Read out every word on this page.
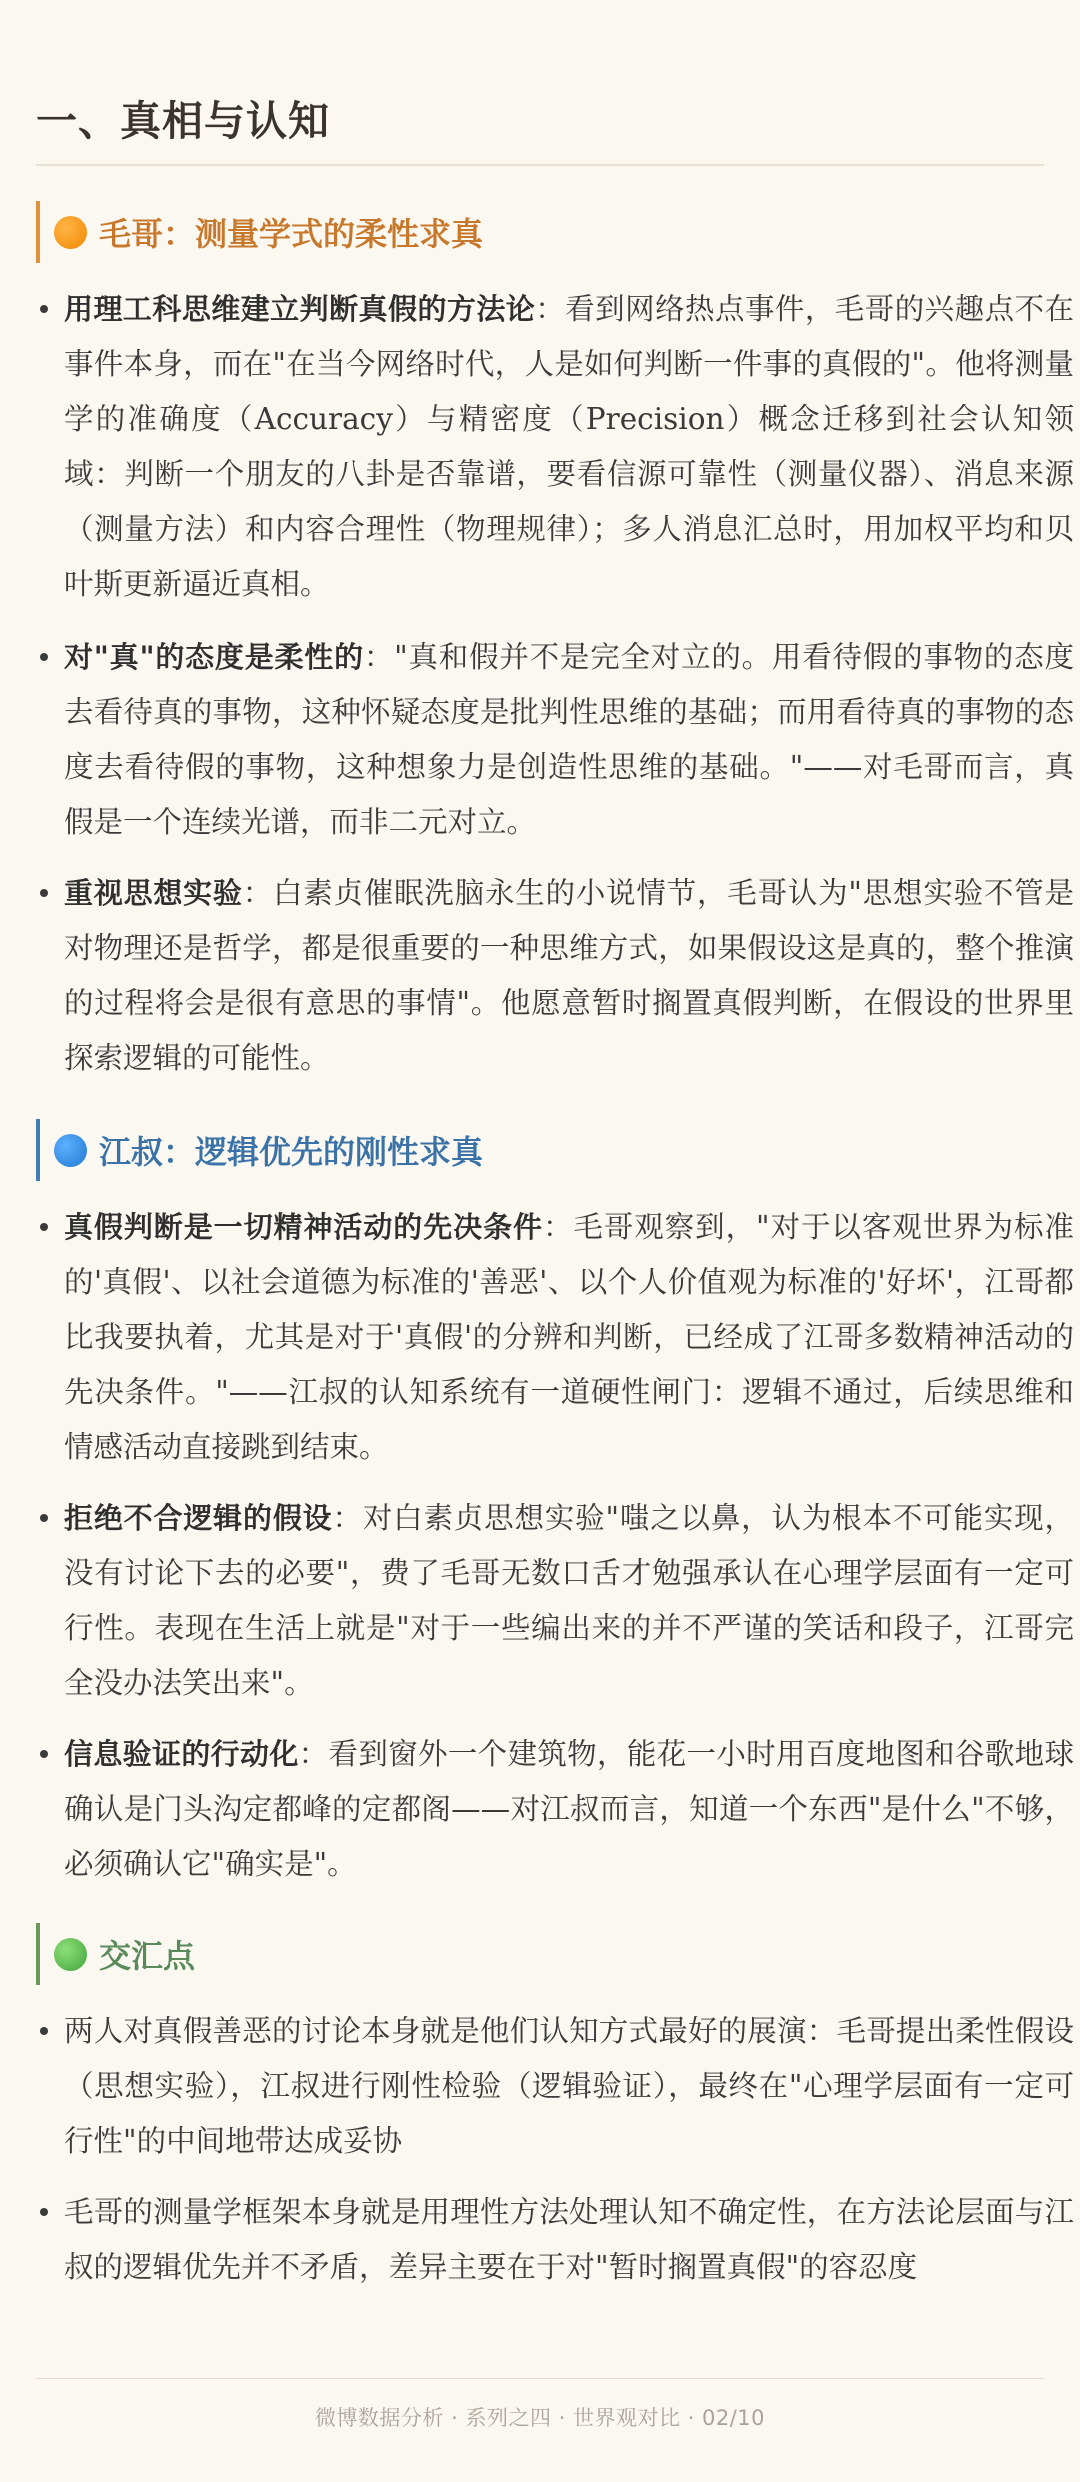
一、真相与认知
毛哥：测量学式的柔性求真
用理工科思维建立判断真假的方法论：看到网络热点事件，毛哥的兴趣点不在事件本身，而在"在当今网络时代，人是如何判断一件事的真假的"。他将测量学的准确度（Accuracy）与精密度（Precision）概念迁移到社会认知领域：判断一个朋友的八卦是否靠谱，要看信源可靠性（测量仪器）、消息来源（测量方法）和内容合理性（物理规律）；多人消息汇总时，用加权平均和贝叶斯更新逼近真相。
对"真"的态度是柔性的："真和假并不是完全对立的。用看待假的事物的态度去看待真的事物，这种怀疑态度是批判性思维的基础；而用看待真的事物的态度去看待假的事物，这种想象力是创造性思维的基础。"——对毛哥而言，真假是一个连续光谱，而非二元对立。
重视思想实验：白素贞催眠洗脑永生的小说情节，毛哥认为"思想实验不管是对物理还是哲学，都是很重要的一种思维方式，如果假设这是真的，整个推演的过程将会是很有意思的事情"。他愿意暂时搁置真假判断，在假设的世界里探索逻辑的可能性。
江叔：逻辑优先的刚性求真
真假判断是一切精神活动的先决条件：毛哥观察到，"对于以客观世界为标准的'真假'、以社会道德为标准的'善恶'、以个人价值观为标准的'好坏'，江哥都比我要执着，尤其是对于'真假'的分辨和判断，已经成了江哥多数精神活动的先决条件。"——江叔的认知系统有一道硬性闸门：逻辑不通过，后续思维和情感活动直接跳到结束。
拒绝不合逻辑的假设：对白素贞思想实验"嗤之以鼻，认为根本不可能实现，没有讨论下去的必要"，费了毛哥无数口舌才勉强承认在心理学层面有一定可行性。表现在生活上就是"对于一些编出来的并不严谨的笑话和段子，江哥完全没办法笑出来"。
信息验证的行动化：看到窗外一个建筑物，能花一小时用百度地图和谷歌地球确认是门头沟定都峰的定都阁——对江叔而言，知道一个东西"是什么"不够，必须确认它"确实是"。
交汇点
两人对真假善恶的讨论本身就是他们认知方式最好的展演：毛哥提出柔性假设（思想实验），江叔进行刚性检验（逻辑验证），最终在"心理学层面有一定可行性"的中间地带达成妥协
毛哥的测量学框架本身就是用理性方法处理认知不确定性，在方法论层面与江叔的逻辑优先并不矛盾，差异主要在于对"暂时搁置真假"的容忍度
微博数据分析 · 系列之四 · 世界观对比 · 02/10
